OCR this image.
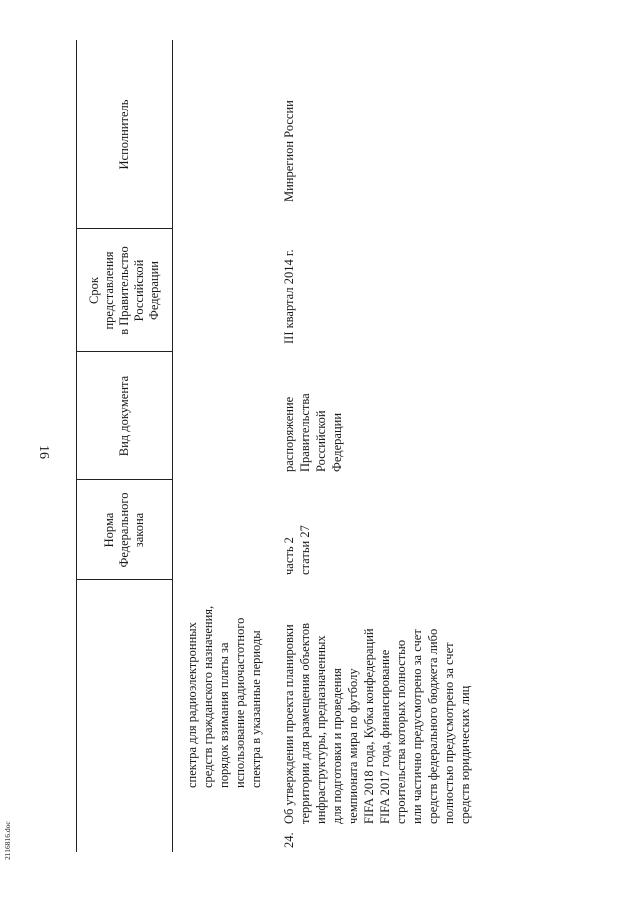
16
2116816.doc
Норма
Федерального
закона
Вид документа
Срок
представления
в Правительство
Российской
Федерации
Исполнитель
спектра для радиоэлектронных
средств гражданского назначения,
порядок взимания платы за
использование радиочастотного
спектра в указанные периоды
24.
Об утверждении проекта планировки
территории для размещения объектов
инфраструктуры, предназначенных
для подготовки и проведения
чемпионата мира по футболу
FIFA 2018 года, Кубка конфедераций
FIFA 2017 года, финансирование
строительства которых полностью
или частично предусмотрено за счет
средств федерального бюджета либо
полностью предусмотрено за счет
средств юридических лиц
часть 2
статьи 27
распоряжение
Правительства
Российской
Федерации
III квартал 2014 г.
Минрегион России
